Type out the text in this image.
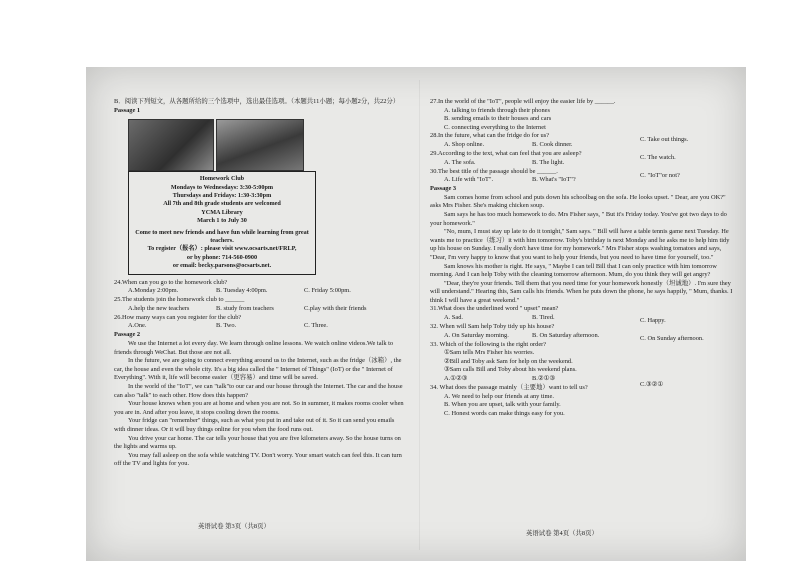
B．阅读下列短文，从各题所给的三个选项中，选出最佳选项。（本题共11小题；每小题2分，共22分）

Passage 1

Homework Club
Mondays to Wednesdays: 3:30-5:00pm
Thursdays and Fridays: 1:30-3:30pm
All 7th and 8th grade students are welcomed
YCMA Library
March 1 to July 30
Come to meet new friends and have fun while learning from great teachers.
To register（报名）: please visit www.ocsarts.net/FRLP,
or by phone: 714-560-0900
or email: becky.parsons@ocsarts.net.

24.When can you go to the homework club?

A.Monday 2:00pm.	B. Tuesday 4:00pm.	C. Friday 5:00pm.

25.The students join the homework club to ______

A.help the new teachers	B. study from teachers	C.play with their friends

26.How many ways can you register for the club?

A.One.	B. Two.	C. Three.

Passage 2

We use the Internet a lot every day. We learn through online lessons. We watch online videos.We talk to friends through WeChat. But those are not all.

In the future, we are going to connect everything around us to the Internet, such as the fridge（冰箱）, the car, the house and even the whole city. It's a big idea called the " Internet of Things" (IoT) or the " Internet of Everything". With it, life will become easier（更容易）and time will be saved.

In the world of the "IoT", we can "talk"to our car and our house through the Internet. The car and the house can also "talk" to each other. How does this happen?

Your house knows when you are at home and when you are not. So in summer, it makes rooms cooler when you are in. And after you leave, it stops cooling down the rooms.

Your fridge can "remember" things, such as what you put in and take out of it. So it can send you emails with dinner ideas. Or it will buy things online for you when the food runs out.

You drive your car home. The car tells your house that you are five kilometers away. So the house turns on the lights and warms up.

You may fall asleep on the sofa while watching TV. Don't worry. Your smart watch can feel this. It can turn off the TV and lights for you.

英语试卷 第3页（共8页）

27.In the world of the "IoT", people will enjoy the easier life by ______.

A. talking to friends through their phones

B. sending emails to their houses and cars

C. connecting everything to the Internet

28.In the future, what can the fridge do for us?

A. Shop online.	B. Cook dinner.
C. Take out things.

29.According to the text, what can feel that you are asleep?

A. The sofa.	B. The light.
C. The watch.

30.The best title of the passage should be ______.

A. Life with "IoT".	B. What's "IoT"?
C. "IoT"or not?

Passage 3

Sam comes home from school and puts down his schoolbag on the sofa. He looks upset. " Dear, are you OK?" asks Mrs Fisher. She's making chicken soup.

Sam says he has too much homework to do. Mrs Fisher says, " But it's Friday today. You've got two days to do your homework."

"No, mum, I must stay up late to do it tonight," Sam says. " Bill will have a table tennis game next Tuesday. He wants me to practice（练习）it with him tomorrow. Toby's birthday is next Monday and he asks me to help him tidy up his house on Sunday. I really don't have time for my homework." Mrs Fisher stops washing tomatoes and says, "Dear, I'm very happy to know that you want to help your friends, but you need to have time for yourself, too."

Sam knows his mother is right. He says, " Maybe I can tell Bill that I can only practice with him tomorrow morning. And I can help Toby with the cleaning tomorrow afternoon. Mum, do you think they will get angry?

"Dear, they're your friends. Tell them that you need time for your homework honestly（坦诚地）. I'm sure they will understand." Hearing this, Sam calls his friends. When he puts down the phone, he says happily, " Mum, thanks. I think I will have a great weekend."

31.What does the underlined word " upset" mean?

A. Sad.	B. Tired.	C. Happy.

32. When will Sam help Toby tidy up his house?

A. On Saturday morning.	B. On Saturday afternoon.	C. On Sunday afternoon.

33. Which of the following is the right order?

①Sam tells Mrs Fisher his worries.

②Bill and Toby ask Sam for help on the weekend.

③Sam calls Bill and Toby about his weekend plans.

A.①②③	B.②①③
C.③②①

34. What does the passage mainly（主要地）want to tell us?

A. We need to help our friends at any time.

B. When you are upset, talk with your family.

C. Honest words can make things easy for you.

英语试卷 第4页（共8页）
